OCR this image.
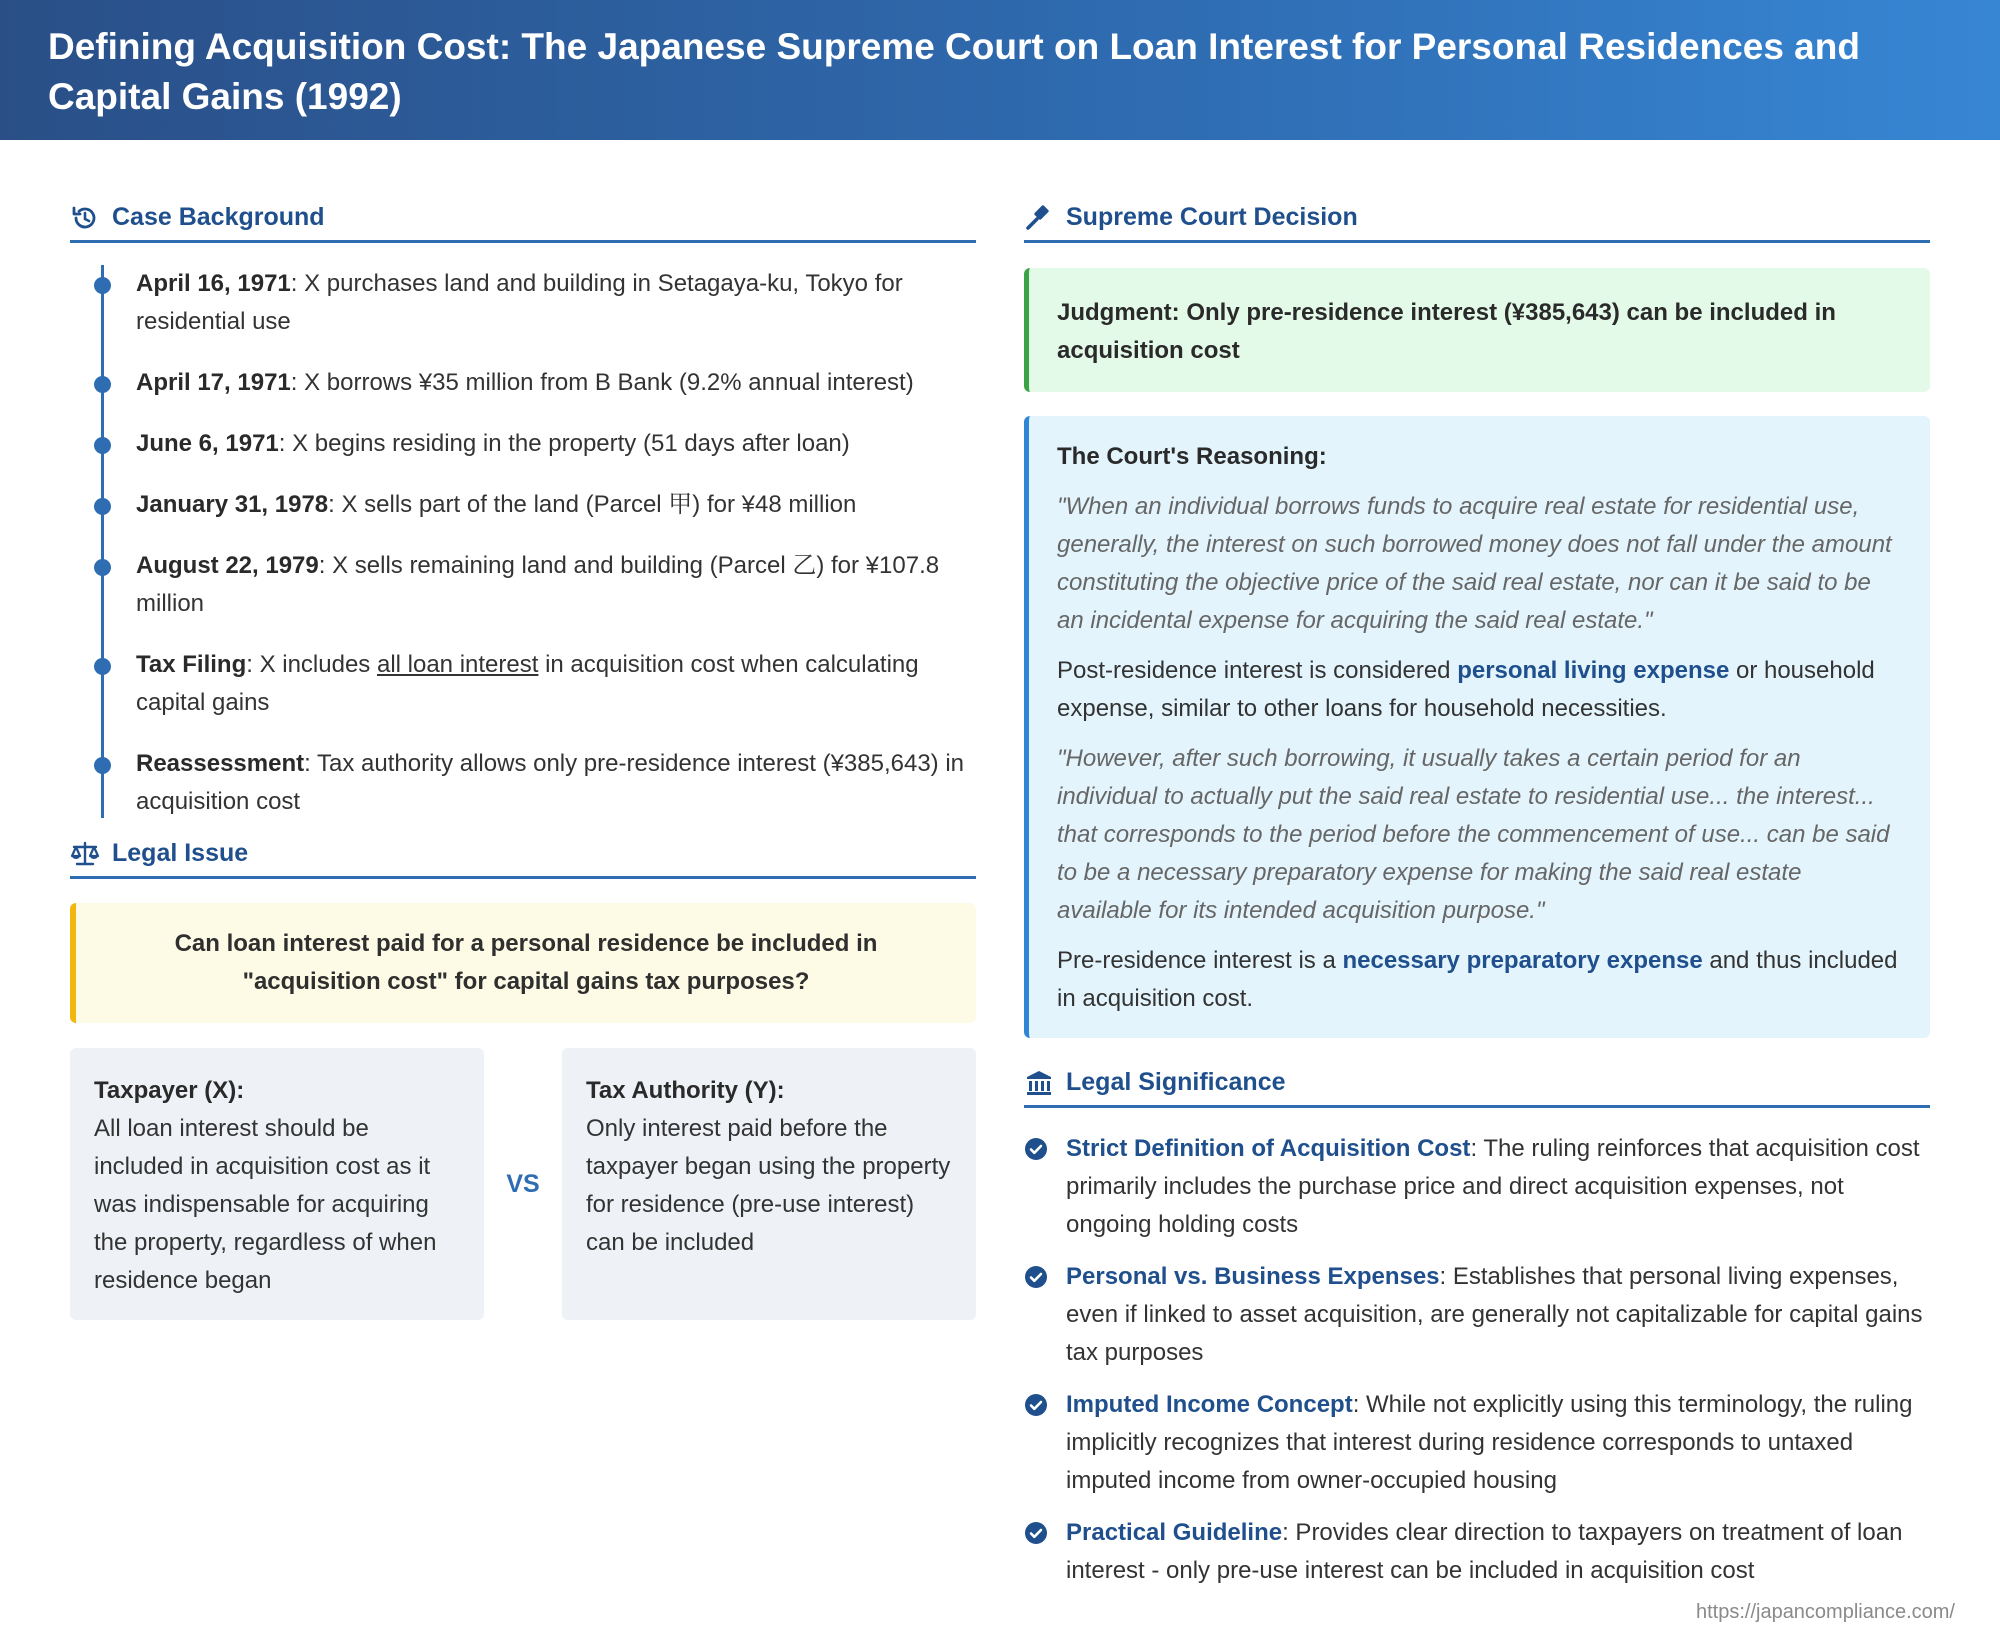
Defining Acquisition Cost: The Japanese Supreme Court on Loan Interest for Personal Residences and Capital Gains (1992)
Case Background
April 16, 1971: X purchases land and building in Setagaya-ku, Tokyo for residential use
April 17, 1971: X borrows ¥35 million from B Bank (9.2% annual interest)
June 6, 1971: X begins residing in the property (51 days after loan)
January 31, 1978: X sells part of the land (Parcel 甲) for ¥48 million
August 22, 1979: X sells remaining land and building (Parcel 乙) for ¥107.8 million
Tax Filing: X includes all loan interest in acquisition cost when calculating capital gains
Reassessment: Tax authority allows only pre-residence interest (¥385,643) in acquisition cost
Legal Issue
Can loan interest paid for a personal residence be included in "acquisition cost" for capital gains tax purposes?
Taxpayer (X):
All loan interest should be included in acquisition cost as it was indispensable for acquiring the property, regardless of when residence began
VS
Tax Authority (Y):
Only interest paid before the taxpayer began using the property for residence (pre-use interest) can be included
Supreme Court Decision
Judgment: Only pre-residence interest (¥385,643) can be included in acquisition cost
The Court's Reasoning:
"When an individual borrows funds to acquire real estate for residential use, generally, the interest on such borrowed money does not fall under the amount constituting the objective price of the said real estate, nor can it be said to be an incidental expense for acquiring the said real estate."

Post-residence interest is considered personal living expense or household expense, similar to other loans for household necessities.

"However, after such borrowing, it usually takes a certain period for an individual to actually put the said real estate to residential use... the interest... that corresponds to the period before the commencement of use... can be said to be a necessary preparatory expense for making the said real estate available for its intended acquisition purpose."

Pre-residence interest is a necessary preparatory expense and thus included in acquisition cost.

Legal Significance
Strict Definition of Acquisition Cost: The ruling reinforces that acquisition cost primarily includes the purchase price and direct acquisition expenses, not ongoing holding costs
Personal vs. Business Expenses: Establishes that personal living expenses, even if linked to asset acquisition, are generally not capitalizable for capital gains tax purposes
Imputed Income Concept: While not explicitly using this terminology, the ruling implicitly recognizes that interest during residence corresponds to untaxed imputed income from owner-occupied housing
Practical Guideline: Provides clear direction to taxpayers on treatment of loan interest - only pre-use interest can be included in acquisition cost
https://japancompliance.com/
